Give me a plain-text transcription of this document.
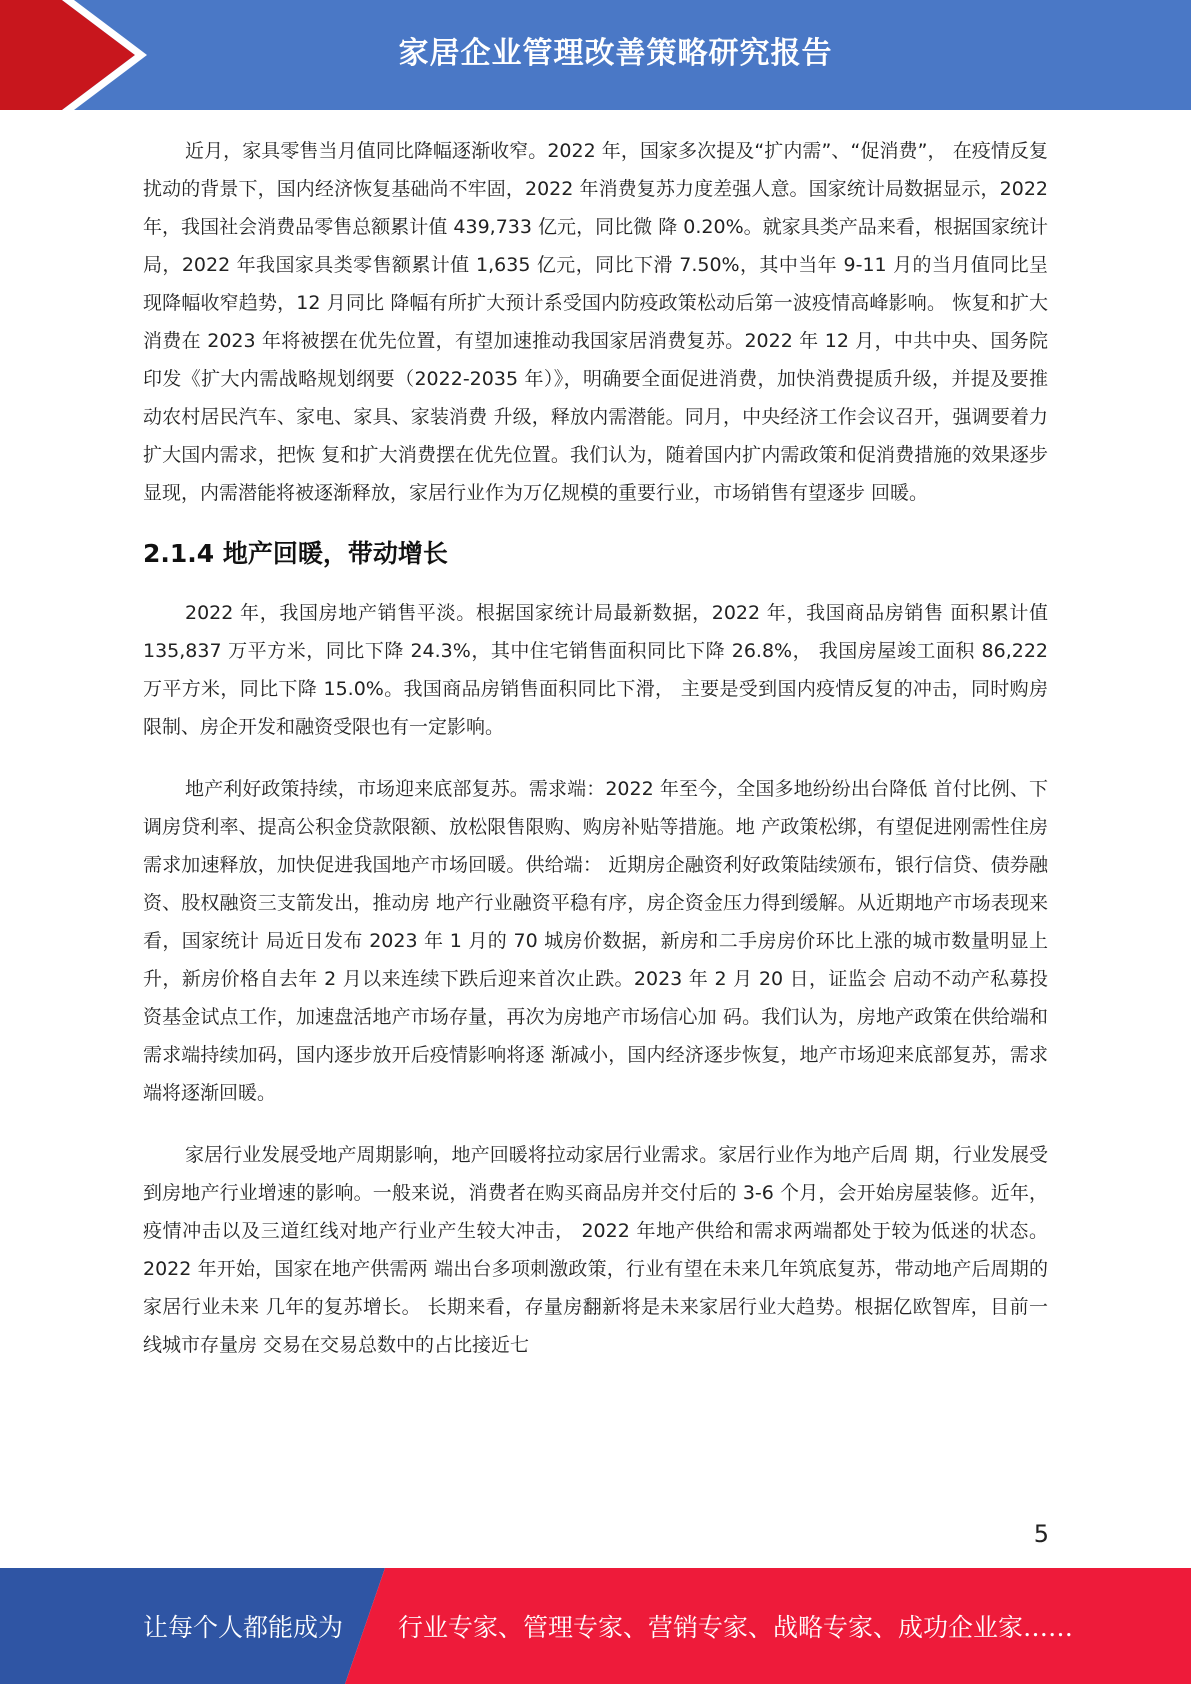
家居企业管理改善策略研究报告

近月，家具零售当月值同比降幅逐渐收窄。2022 年，国家多次提及“扩内需”、“促消费”， 在疫情反复扰动的背景下，国内经济恢复基础尚不牢固，2022 年消费复苏力度差强人意。国家统计局数据显示，2022 年，我国社会消费品零售总额累计值 439,733 亿元，同比微 降 0.20%。就家具类产品来看，根据国家统计局，2022 年我国家具类零售额累计值 1,635 亿元，同比下滑 7.50%，其中当年 9-11 月的当月值同比呈现降幅收窄趋势，12 月同比 降幅有所扩大预计系受国内防疫政策松动后第一波疫情高峰影响。 恢复和扩大消费在 2023 年将被摆在优先位置，有望加速推动我国家居消费复苏。2022 年 12 月，中共中央、国务院印发《扩大内需战略规划纲要（2022-2035 年）》，明确要全面促进消费，加快消费提质升级，并提及要推动农村居民汽车、家电、家具、家装消费 升级，释放内需潜能。同月，中央经济工作会议召开，强调要着力扩大国内需求，把恢 复和扩大消费摆在优先位置。我们认为，随着国内扩内需政策和促消费措施的效果逐步显现，内需潜能将被逐渐释放，家居行业作为万亿规模的重要行业，市场销售有望逐步 回暖。

2.1.4 地产回暖，带动增长

2022 年，我国房地产销售平淡。根据国家统计局最新数据，2022 年，我国商品房销售 面积累计值 135,837 万平方米，同比下降 24.3%，其中住宅销售面积同比下降 26.8%， 我国房屋竣工面积 86,222 万平方米，同比下降 15.0%。我国商品房销售面积同比下滑， 主要是受到国内疫情反复的冲击，同时购房限制、房企开发和融资受限也有一定影响。

地产利好政策持续，市场迎来底部复苏。需求端：2022 年至今，全国多地纷纷出台降低 首付比例、下调房贷利率、提高公积金贷款限额、放松限售限购、购房补贴等措施。地 产政策松绑，有望促进刚需性住房需求加速释放，加快促进我国地产市场回暖。供给端： 近期房企融资利好政策陆续颁布，银行信贷、债券融资、股权融资三支箭发出，推动房 地产行业融资平稳有序，房企资金压力得到缓解。从近期地产市场表现来看，国家统计 局近日发布 2023 年 1 月的 70 城房价数据，新房和二手房房价环比上涨的城市数量明显上升，新房价格自去年 2 月以来连续下跌后迎来首次止跌。2023 年 2 月 20 日，证监会 启动不动产私募投资基金试点工作，加速盘活地产市场存量，再次为房地产市场信心加 码。我们认为，房地产政策在供给端和需求端持续加码，国内逐步放开后疫情影响将逐 渐减小，国内经济逐步恢复，地产市场迎来底部复苏，需求端将逐渐回暖。

家居行业发展受地产周期影响，地产回暖将拉动家居行业需求。家居行业作为地产后周 期，行业发展受到房地产行业增速的影响。一般来说，消费者在购买商品房并交付后的 3-6 个月，会开始房屋装修。近年，疫情冲击以及三道红线对地产行业产生较大冲击， 2022 年地产供给和需求两端都处于较为低迷的状态。2022 年开始，国家在地产供需两 端出台多项刺激政策，行业有望在未来几年筑底复苏，带动地产后周期的家居行业未来 几年的复苏增长。 长期来看，存量房翻新将是未来家居行业大趋势。根据亿欧智库，目前一线城市存量房 交易在交易总数中的占比接近七

5
让每个人都能成为 行业专家、管理专家、营销专家、战略专家、成功企业家……
